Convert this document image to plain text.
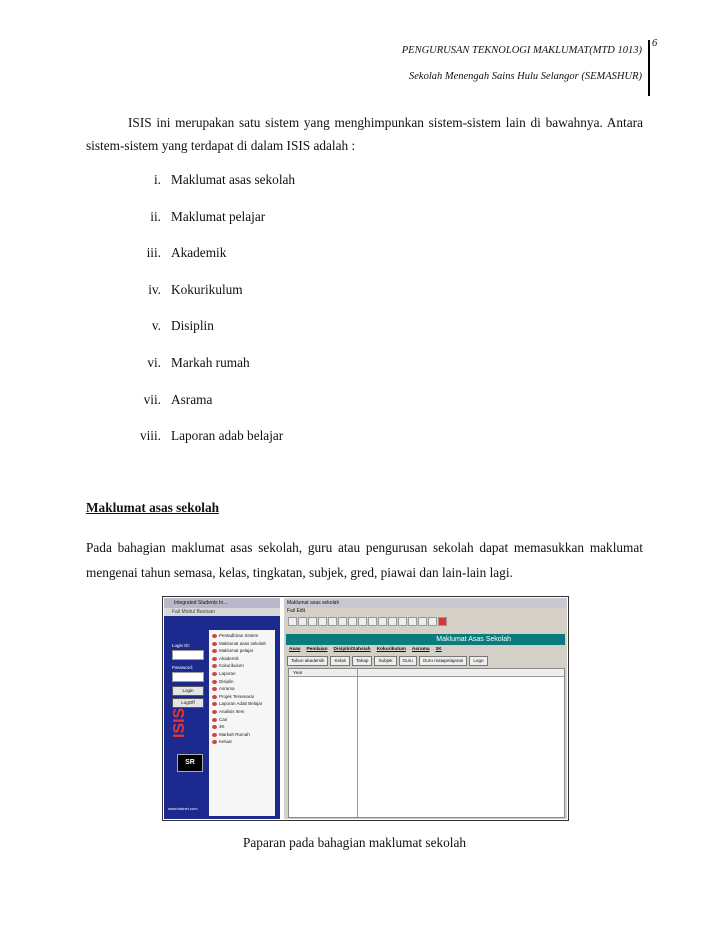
PENGURUSAN TEKNOLOGI MAKLUMAT(MTD 1013)
Sekolah Menengah Sains Hulu Selangor (SEMASHUR)
6
ISIS ini merupakan satu sistem yang menghimpunkan sistem-sistem lain di bawahnya. Antara sistem-sistem yang terdapat di dalam ISIS adalah :
i. Maklumat asas sekolah
ii. Maklumat pelajar
iii. Akademik
iv. Kokurikulum
v. Disiplin
vi. Markah rumah
vii. Asrama
viii. Laporan adab belajar
Maklumat asas sekolah
Pada bahagian maklumat asas sekolah, guru atau pengurusan sekolah dapat memasukkan maklumat mengenai tahun semasa, kelas, tingkatan, subjek, gred, piawai dan lain-lain lagi.
Integrated Students In...
Fail Modul Bantuan
Login ID:
Password:
Login
LogOff
ISIS
SR
www.isisnet.com
Pentadbiran Sistem
Maklumat asas sekolah
Maklumat pelajar
Akademik
Kokurikulum
Laporan
Disiplin
Asrama
Projek Tersenarai
Laporan Adab Belajar
Analisis Item
Cari
3K
Markah Rumah
Keluar
Maklumat asas sekolah
Fail Edit
Maklumat Asas Sekolah
Asas Penilaian Disiplin/Sahsiah Kokurikulum Asrama 3K
Tahun akademik Kelas Tahap Subjek Guru Guru matapelajaran Logo
Year
Paparan pada bahagian maklumat sekolah
